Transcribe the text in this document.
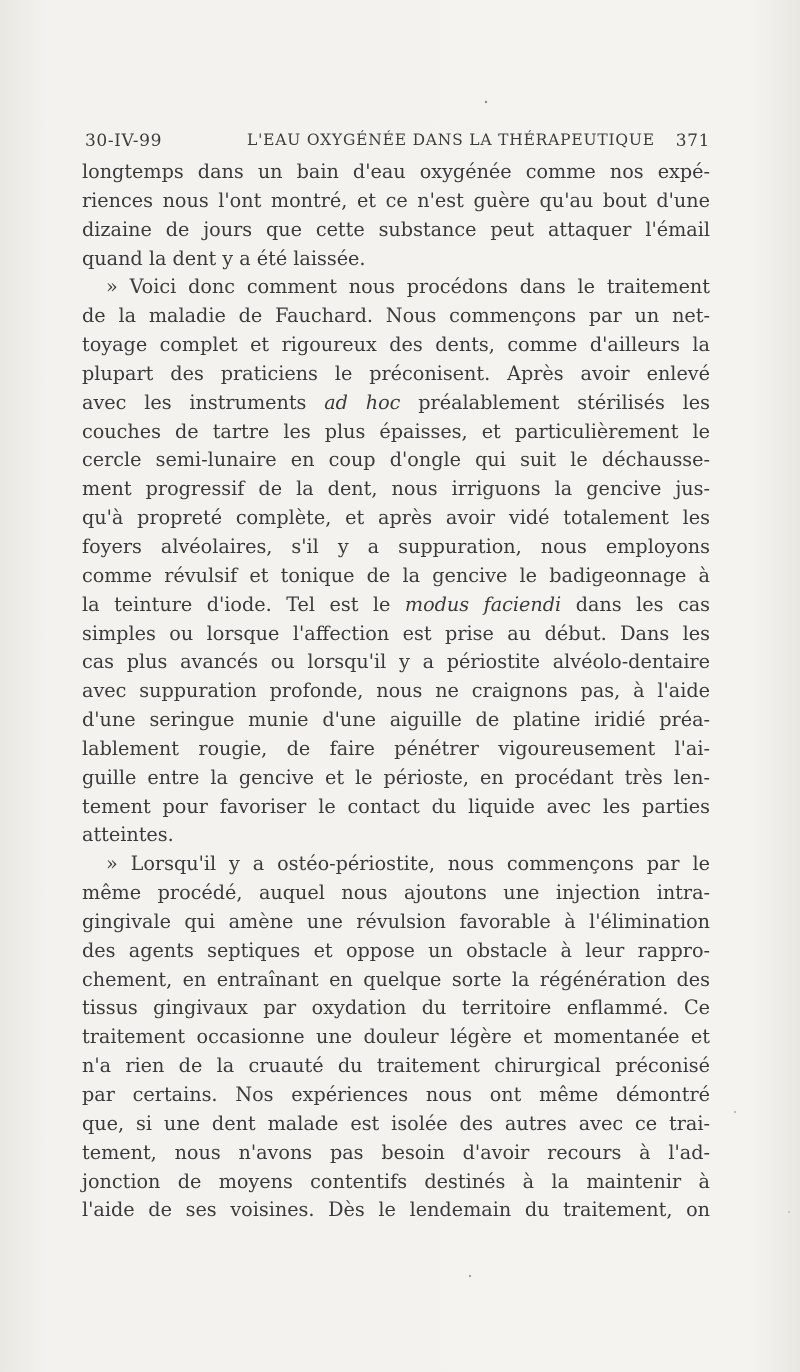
30-IV-99	L'EAU OXYGÉNÉE DANS LA THÉRAPEUTIQUE 371
longtemps dans un bain d'eau oxygénée comme nos expé-
riences nous l'ont montré, et ce n'est guère qu'au bout d'une
dizaine de jours que cette substance peut attaquer l'émail
quand la dent y a été laissée.
» Voici donc comment nous procédons dans le traitement
de la maladie de Fauchard. Nous commençons par un net-
toyage complet et rigoureux des dents, comme d'ailleurs la
plupart des praticiens le préconisent. Après avoir enlevé
avec les instruments ad hoc préalablement stérilisés les
couches de tartre les plus épaisses, et particulièrement le
cercle semi-lunaire en coup d'ongle qui suit le déchausse-
ment progressif de la dent, nous irriguons la gencive jus-
qu'à propreté complète, et après avoir vidé totalement les
foyers alvéolaires, s'il y a suppuration, nous employons
comme révulsif et tonique de la gencive le badigeonnage à
la teinture d'iode. Tel est le modus faciendi dans les cas
simples ou lorsque l'affection est prise au début. Dans les
cas plus avancés ou lorsqu'il y a périostite alvéolo-dentaire
avec suppuration profonde, nous ne craignons pas, à l'aide
d'une seringue munie d'une aiguille de platine iridié préa-
lablement rougie, de faire pénétrer vigoureusement l'ai-
guille entre la gencive et le périoste, en procédant très len-
tement pour favoriser le contact du liquide avec les parties
atteintes.
» Lorsqu'il y a ostéo-périostite, nous commençons par le
même procédé, auquel nous ajoutons une injection intra-
gingivale qui amène une révulsion favorable à l'élimination
des agents septiques et oppose un obstacle à leur rappro-
chement, en entraînant en quelque sorte la régénération des
tissus gingivaux par oxydation du territoire enflammé. Ce
traitement occasionne une douleur légère et momentanée et
n'a rien de la cruauté du traitement chirurgical préconisé
par certains. Nos expériences nous ont même démontré
que, si une dent malade est isolée des autres avec ce trai-
tement, nous n'avons pas besoin d'avoir recours à l'ad-
jonction de moyens contentifs destinés à la maintenir à
l'aide de ses voisines. Dès le lendemain du traitement, on
